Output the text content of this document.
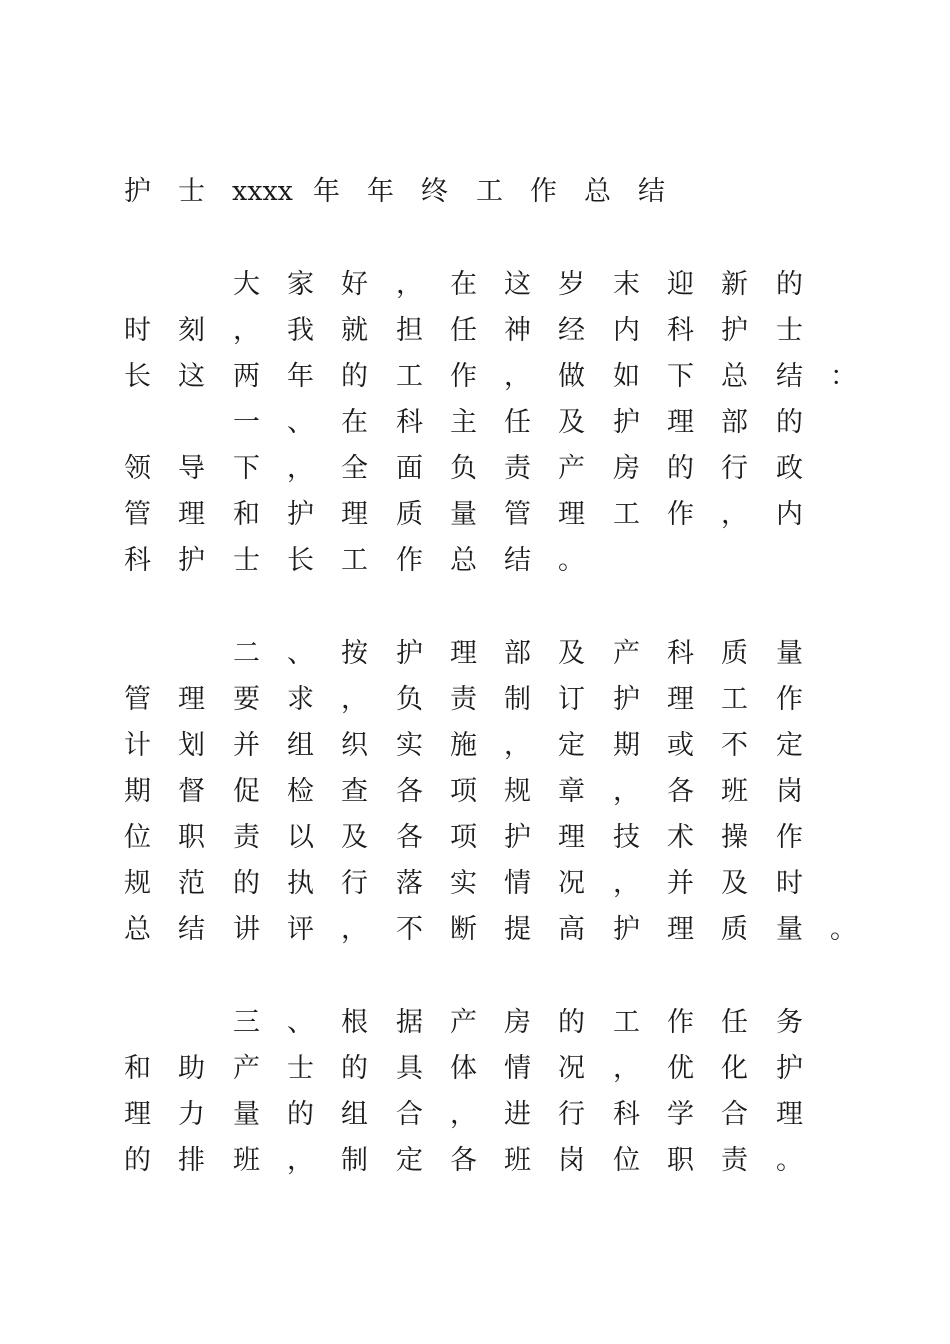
护 士 xxxx 年 年 终 工 作 总 结
大 家 好 ， 在 这 岁 末 迎 新 的
时 刻 ， 我 就 担 任 神 经 内 科 护 士
长 这 两 年 的 工 作 ， 做 如 下 总 结 ：
一 、 在 科 主 任 及 护 理 部 的
领 导 下 ， 全 面 负 责 产 房 的 行 政
管 理 和 护 理 质 量 管 理 工 作 ， 内
科 护 士 长 工 作 总 结 。
二 、 按 护 理 部 及 产 科 质 量
管 理 要 求 ， 负 责 制 订 护 理 工 作
计 划 并 组 织 实 施 ， 定 期 或 不 定
期 督 促 检 查 各 项 规 章 ， 各 班 岗
位 职 责 以 及 各 项 护 理 技 术 操 作
规 范 的 执 行 落 实 情 况 ， 并 及 时
总 结 讲 评 ， 不 断 提 高 护 理 质 量 。
三 、 根 据 产 房 的 工 作 任 务
和 助 产 士 的 具 体 情 况 ， 优 化 护
理 力 量 的 组 合 ， 进 行 科 学 合 理
的 排 班 ， 制 定 各 班 岗 位 职 责 。
